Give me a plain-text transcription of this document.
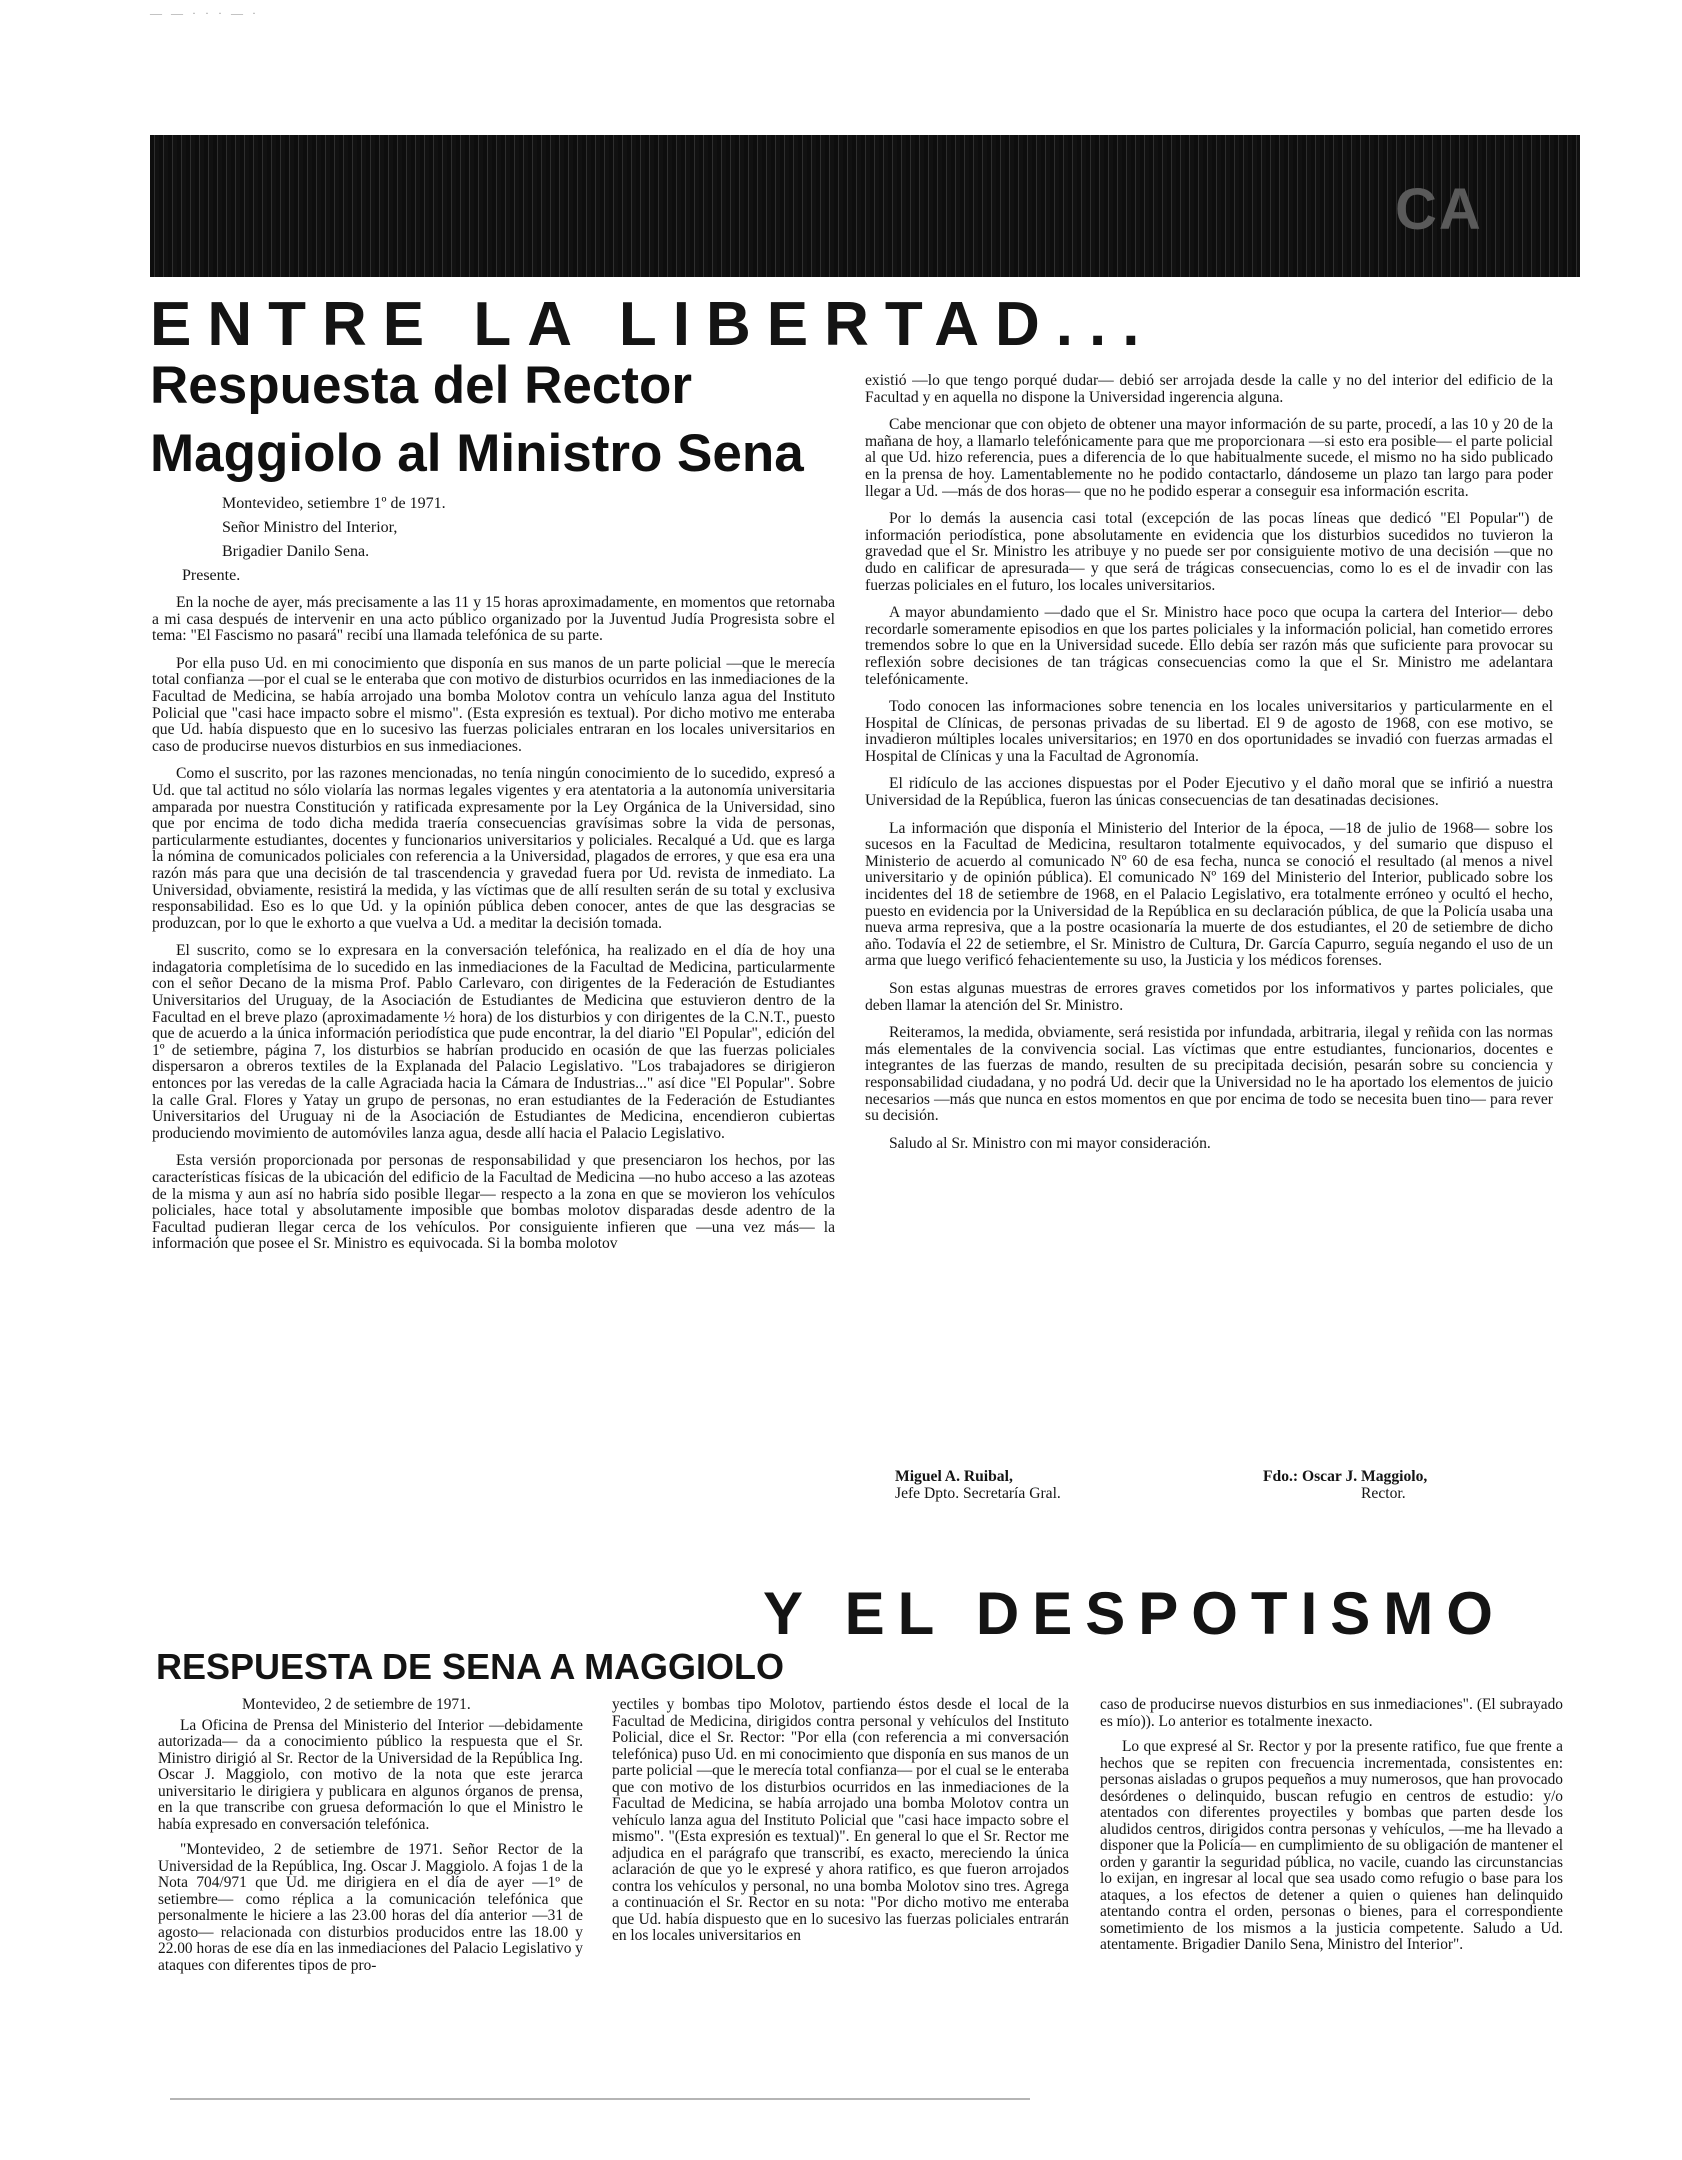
— — · · · — ·
CA
ENTRE LA LIBERTAD...
Respuesta del Rector
Maggiolo al Ministro Sena
Montevideo, setiembre 1º de 1971.
Señor Ministro del Interior,
Brigadier Danilo Sena.
Presente.

En la noche de ayer, más precisamente a las 11 y 15 horas aproximadamente, en momentos que retornaba a mi casa después de intervenir en una acto público organizado por la Juventud Judía Progresista sobre el tema: "El Fascismo no pasará" recibí una llamada telefónica de su parte.

Por ella puso Ud. en mi conocimiento que disponía en sus manos de un parte policial —que le merecía total confianza —por el cual se le enteraba que con motivo de disturbios ocurridos en las inmediaciones de la Facultad de Medicina, se había arrojado una bomba Molotov contra un vehículo lanza agua del Instituto Policial que "casi hace impacto sobre el mismo". (Esta expresión es textual). Por dicho motivo me enteraba que Ud. había dispuesto que en lo sucesivo las fuerzas policiales entraran en los locales universitarios en caso de producirse nuevos disturbios en sus inmediaciones.

Como el suscrito, por las razones mencionadas, no tenía ningún conocimiento de lo sucedido, expresó a Ud. que tal actitud no sólo violaría las normas legales vigentes y era atentatoria a la autonomía universitaria amparada por nuestra Constitución y ratificada expresamente por la Ley Orgánica de la Universidad, sino que por encima de todo dicha medida traería consecuencias gravísimas sobre la vida de personas, particularmente estudiantes, docentes y funcionarios universitarios y policiales. Recalqué a Ud. que es larga la nómina de comunicados policiales con referencia a la Universidad, plagados de errores, y que esa era una razón más para que una decisión de tal trascendencia y gravedad fuera por Ud. revista de inmediato. La Universidad, obviamente, resistirá la medida, y las víctimas que de allí resulten serán de su total y exclusiva responsabilidad. Eso es lo que Ud. y la opinión pública deben conocer, antes de que las desgracias se produzcan, por lo que le exhorto a que vuelva a Ud. a meditar la decisión tomada.

El suscrito, como se lo expresara en la conversación telefónica, ha realizado en el día de hoy una indagatoria completísima de lo sucedido en las inmediaciones de la Facultad de Medicina, particularmente con el señor Decano de la misma Prof. Pablo Carlevaro, con dirigentes de la Federación de Estudiantes Universitarios del Uruguay, de la Asociación de Estudiantes de Medicina que estuvieron dentro de la Facultad en el breve plazo (aproximadamente ½ hora) de los disturbios y con dirigentes de la C.N.T., puesto que de acuerdo a la única información periodística que pude encontrar, la del diario "El Popular", edición del 1º de setiembre, página 7, los disturbios se habrían producido en ocasión de que las fuerzas policiales dispersaron a obreros textiles de la Explanada del Palacio Legislativo. "Los trabajadores se dirigieron entonces por las veredas de la calle Agraciada hacia la Cámara de Industrias..." así dice "El Popular". Sobre la calle Gral. Flores y Yatay un grupo de personas, no eran estudiantes de la Federación de Estudiantes Universitarios del Uruguay ni de la Asociación de Estudiantes de Medicina, encendieron cubiertas produciendo movimiento de automóviles lanza agua, desde allí hacia el Palacio Legislativo.

Esta versión proporcionada por personas de responsabilidad y que presenciaron los hechos, por las características físicas de la ubicación del edificio de la Facultad de Medicina —no hubo acceso a las azoteas de la misma y aun así no habría sido posible llegar— respecto a la zona en que se movieron los vehículos policiales, hace total y absolutamente imposible que bombas molotov disparadas desde adentro de la Facultad pudieran llegar cerca de los vehículos. Por consiguiente infieren que —una vez más— la información que posee el Sr. Ministro es equivocada. Si la bomba molotov

existió —lo que tengo porqué dudar— debió ser arrojada desde la calle y no del interior del edificio de la Facultad y en aquella no dispone la Universidad ingerencia alguna.

Cabe mencionar que con objeto de obtener una mayor información de su parte, procedí, a las 10 y 20 de la mañana de hoy, a llamarlo telefónicamente para que me proporcionara —si esto era posible— el parte policial al que Ud. hizo referencia, pues a diferencia de lo que habitualmente sucede, el mismo no ha sido publicado en la prensa de hoy. Lamentablemente no he podido contactarlo, dándoseme un plazo tan largo para poder llegar a Ud. —más de dos horas— que no he podido esperar a conseguir esa información escrita.

Por lo demás la ausencia casi total (excepción de las pocas líneas que dedicó "El Popular") de información periodística, pone absolutamente en evidencia que los disturbios sucedidos no tuvieron la gravedad que el Sr. Ministro les atribuye y no puede ser por consiguiente motivo de una decisión —que no dudo en calificar de apresurada— y que será de trágicas consecuencias, como lo es el de invadir con las fuerzas policiales en el futuro, los locales universitarios.

A mayor abundamiento —dado que el Sr. Ministro hace poco que ocupa la cartera del Interior— debo recordarle someramente episodios en que los partes policiales y la información policial, han cometido errores tremendos sobre lo que en la Universidad sucede. Ello debía ser razón más que suficiente para provocar su reflexión sobre decisiones de tan trágicas consecuencias como la que el Sr. Ministro me adelantara telefónicamente.

Todo conocen las informaciones sobre tenencia en los locales universitarios y particularmente en el Hospital de Clínicas, de personas privadas de su libertad. El 9 de agosto de 1968, con ese motivo, se invadieron múltiples locales universitarios; en 1970 en dos oportunidades se invadió con fuerzas armadas el Hospital de Clínicas y una la Facultad de Agronomía.

El ridículo de las acciones dispuestas por el Poder Ejecutivo y el daño moral que se infirió a nuestra Universidad de la República, fueron las únicas consecuencias de tan desatinadas decisiones.

La información que disponía el Ministerio del Interior de la época, —18 de julio de 1968— sobre los sucesos en la Facultad de Medicina, resultaron totalmente equivocados, y del sumario que dispuso el Ministerio de acuerdo al comunicado Nº 60 de esa fecha, nunca se conoció el resultado (al menos a nivel universitario y de opinión pública). El comunicado Nº 169 del Ministerio del Interior, publicado sobre los incidentes del 18 de setiembre de 1968, en el Palacio Legislativo, era totalmente erróneo y ocultó el hecho, puesto en evidencia por la Universidad de la República en su declaración pública, de que la Policía usaba una nueva arma represiva, que a la postre ocasionaría la muerte de dos estudiantes, el 20 de setiembre de dicho año. Todavía el 22 de setiembre, el Sr. Ministro de Cultura, Dr. García Capurro, seguía negando el uso de un arma que luego verificó fehacientemente su uso, la Justicia y los médicos forenses.

Son estas algunas muestras de errores graves cometidos por los informativos y partes policiales, que deben llamar la atención del Sr. Ministro.

Reiteramos, la medida, obviamente, será resistida por infundada, arbitraria, ilegal y reñida con las normas más elementales de la convivencia social. Las víctimas que entre estudiantes, funcionarios, docentes e integrantes de las fuerzas de mando, resulten de su precipitada decisión, pesarán sobre su conciencia y responsabilidad ciudadana, y no podrá Ud. decir que la Universidad no le ha aportado los elementos de juicio necesarios —más que nunca en estos momentos en que por encima de todo se necesita buen tino— para rever su decisión.

Saludo al Sr. Ministro con mi mayor consideración.

Miguel A. Ruibal,
Jefe Dpto. Secretaría Gral.
Fdo.: Oscar J. Maggiolo,
Rector.
Y EL DESPOTISMO
RESPUESTA DE SENA A MAGGIOLO

Montevideo, 2 de setiembre de 1971.

La Oficina de Prensa del Ministerio del Interior —debidamente autorizada— da a conocimiento público la respuesta que el Sr. Ministro dirigió al Sr. Rector de la Universidad de la República Ing. Oscar J. Maggiolo, con motivo de la nota que este jerarca universitario le dirigiera y publicara en algunos órganos de prensa, en la que transcribe con gruesa deformación lo que el Ministro le había expresado en conversación telefónica.

"Montevideo, 2 de setiembre de 1971. Señor Rector de la Universidad de la República, Ing. Oscar J. Maggiolo. A fojas 1 de la Nota 704/971 que Ud. me dirigiera en el día de ayer —1º de setiembre— como réplica a la comunicación telefónica que personalmente le hiciere a las 23.00 horas del día anterior —31 de agosto— relacionada con disturbios producidos entre las 18.00 y 22.00 horas de ese día en las inmediaciones del Palacio Legislativo y ataques con diferentes tipos de pro-

yectiles y bombas tipo Molotov, partiendo éstos desde el local de la Facultad de Medicina, dirigidos contra personal y vehículos del Instituto Policial, dice el Sr. Rector: "Por ella (con referencia a mi conversación telefónica) puso Ud. en mi conocimiento que disponía en sus manos de un parte policial —que le merecía total confianza— por el cual se le enteraba que con motivo de los disturbios ocurridos en las inmediaciones de la Facultad de Medicina, se había arrojado una bomba Molotov contra un vehículo lanza agua del Instituto Policial que "casi hace impacto sobre el mismo". "(Esta expresión es textual)". En general lo que el Sr. Rector me adjudica en el parágrafo que transcribí, es exacto, mereciendo la única aclaración de que yo le expresé y ahora ratifico, es que fueron arrojados contra los vehículos y personal, no una bomba Molotov sino tres. Agrega a continuación el Sr. Rector en su nota: "Por dicho motivo me enteraba que Ud. había dispuesto que en lo sucesivo las fuerzas policiales entrarán en los locales universitarios en

caso de producirse nuevos disturbios en sus inmediaciones". (El subrayado es mío)). Lo anterior es totalmente inexacto.

Lo que expresé al Sr. Rector y por la presente ratifico, fue que frente a hechos que se repiten con frecuencia incrementada, consistentes en: personas aisladas o grupos pequeños a muy numerosos, que han provocado desórdenes o delinquido, buscan refugio en centros de estudio: y/o atentados con diferentes proyectiles y bombas que parten desde los aludidos centros, dirigidos contra personas y vehículos, —me ha llevado a disponer que la Policía— en cumplimiento de su obligación de mantener el orden y garantir la seguridad pública, no vacile, cuando las circunstancias lo exijan, en ingresar al local que sea usado como refugio o base para los ataques, a los efectos de detener a quien o quienes han delinquido atentando contra el orden, personas o bienes, para el correspondiente sometimiento de los mismos a la justicia competente. Saludo a Ud. atentamente. Brigadier Danilo Sena, Ministro del Interior".
